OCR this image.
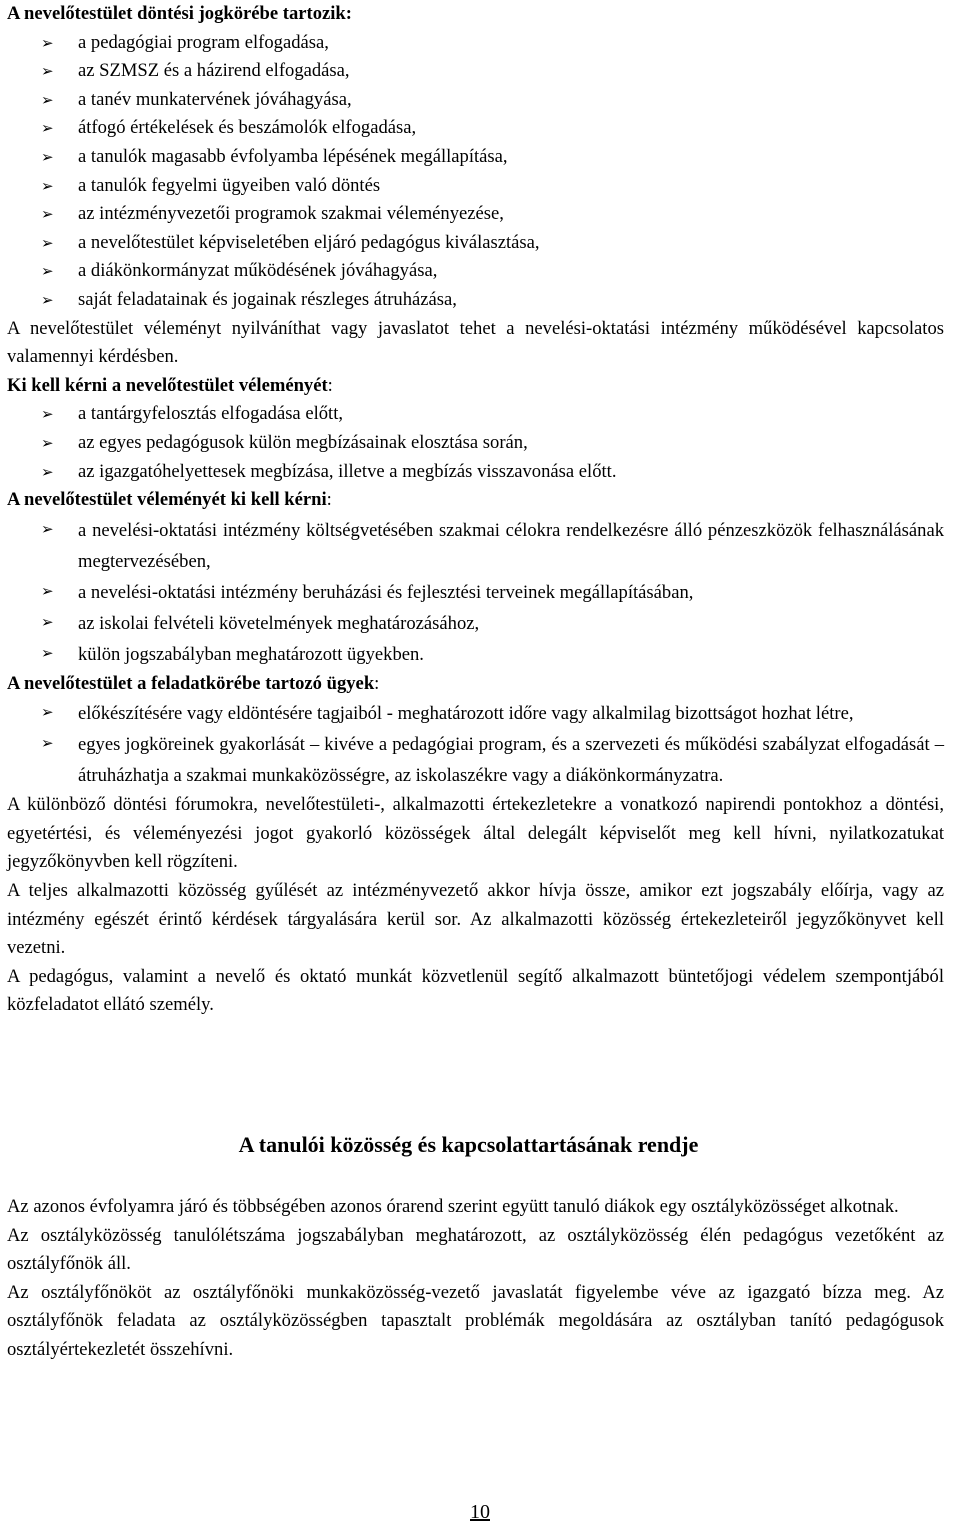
A nevelőtestület döntési jogkörébe tartozik:

➢ a pedagógiai program elfogadása,
➢ az SZMSZ és a házirend elfogadása,
➢ a tanév munkatervének jóváhagyása,
➢ átfogó értékelések és beszámolók elfogadása,
➢ a tanulók magasabb évfolyamba lépésének megállapítása,
➢ a tanulók fegyelmi ügyeiben való döntés
➢ az intézményvezetői programok szakmai véleményezése,
➢ a nevelőtestület képviseletében eljáró pedagógus kiválasztása,
➢ a diákönkormányzat működésének jóváhagyása,
➢ saját feladatainak és jogainak részleges átruházása,

A nevelőtestület véleményt nyilváníthat vagy javaslatot tehet a nevelési-oktatási intézmény működésével kapcsolatos valamennyi kérdésben.

Ki kell kérni a nevelőtestület véleményét:

➢ a tantárgyfelosztás elfogadása előtt,
➢ az egyes pedagógusok külön megbízásainak elosztása során,
➢ az igazgatóhelyettesek megbízása, illetve a megbízás visszavonása előtt.

A nevelőtestület véleményét ki kell kérni:

➢ a nevelési-oktatási intézmény költségvetésében szakmai célokra rendelkezésre álló pénzeszközök felhasználásának megtervezésében,
➢ a nevelési-oktatási intézmény beruházási és fejlesztési terveinek megállapításában,
➢ az iskolai felvételi követelmények meghatározásához,
➢ külön jogszabályban meghatározott ügyekben.

A nevelőtestület a feladatkörébe tartozó ügyek:

➢ előkészítésére vagy eldöntésére tagjaiból - meghatározott időre vagy alkalmilag bizottságot hozhat létre,
➢ egyes jogköreinek gyakorlását – kivéve a pedagógiai program, és a szervezeti és működési szabályzat elfogadását – átruházhatja a szakmai munkaközösségre, az iskolaszékre vagy a diákönkormányzatra.

A különböző döntési fórumokra, nevelőtestületi-, alkalmazotti értekezletekre a vonatkozó napirendi pontokhoz a döntési, egyetértési, és véleményezési jogot gyakorló közösségek által delegált képviselőt meg kell hívni, nyilatkozatukat jegyzőkönyvben kell rögzíteni.

A teljes alkalmazotti közösség gyűlését az intézményvezető akkor hívja össze, amikor ezt jogszabály előírja, vagy az intézmény egészét érintő kérdések tárgyalására kerül sor. Az alkalmazotti közösség értekezleteiről jegyzőkönyvet kell vezetni.

A pedagógus, valamint a nevelő és oktató munkát közvetlenül segítő alkalmazott büntetőjogi védelem szempontjából közfeladatot ellátó személy.

A tanulói közösség és kapcsolattartásának rendje

Az azonos évfolyamra járó és többségében azonos órarend szerint együtt tanuló diákok egy osztályközösséget alkotnak.

Az osztályközösség tanulólétszáma jogszabályban meghatározott, az osztályközösség élén pedagógus vezetőként az osztályfőnök áll.

Az osztályfőnököt az osztályfőnöki munkaközösség-vezető javaslatát figyelembe véve az igazgató bízza meg. Az osztályfőnök feladata az osztályközösségben tapasztalt problémák megoldására az osztályban tanító pedagógusok osztályértekezletét összehívni.

10
